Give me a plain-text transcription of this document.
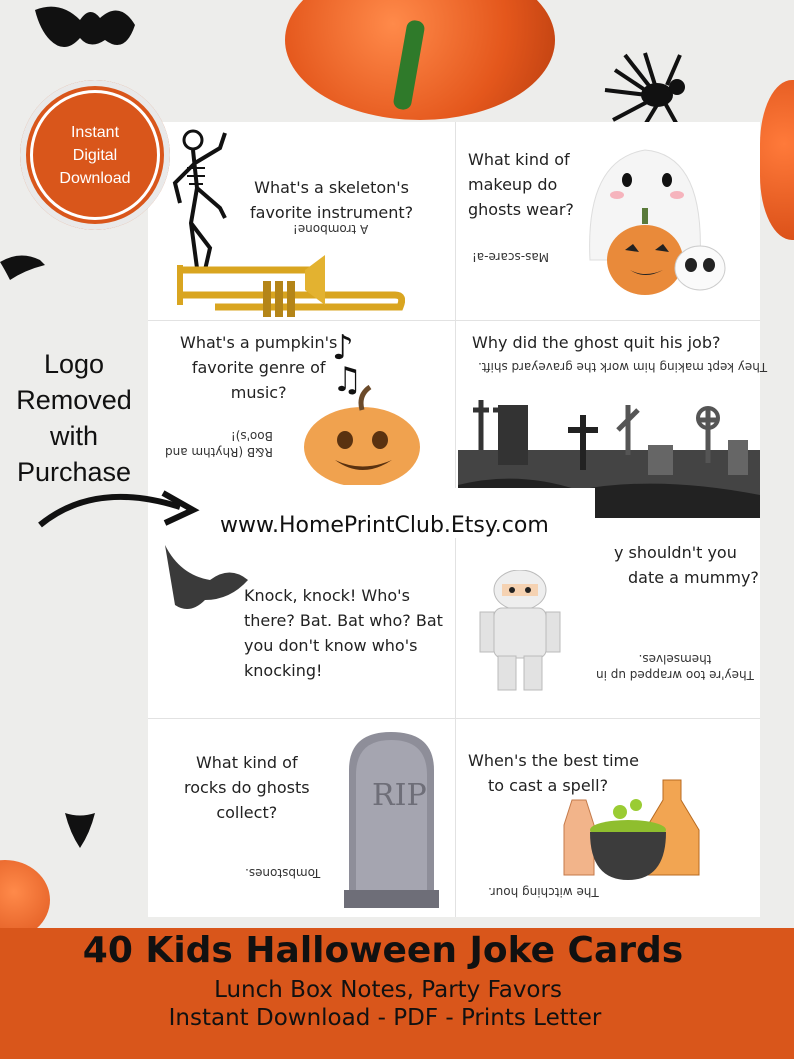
What's a skeleton's
favorite instrument?
A trombone!
What kind of
makeup do
ghosts wear?
Mas-scare-a!
What's a pumpkin's
favorite genre of
music?
R&B (Rhythm and
Boo's)!
♪
♫
Why did the ghost quit his job?
They kept making him work the graveyard shift.
www.HomePrintClub.Etsy.com
Knock, knock! Who's
there? Bat. Bat who? Bat
you don't know who's
knocking!
y shouldn't you
date a mummy?
They're too wrapped up in
themselves.
What kind of
rocks do ghosts
collect?
Tombstones.
RIP
When's the best time
to cast a spell?
The witching hour.
Instant
Digital
Download
Logo
Removed
with
Purchase
40 Kids Halloween Joke Cards
Lunch Box Notes, Party Favors
Instant Download - PDF - Prints Letter
